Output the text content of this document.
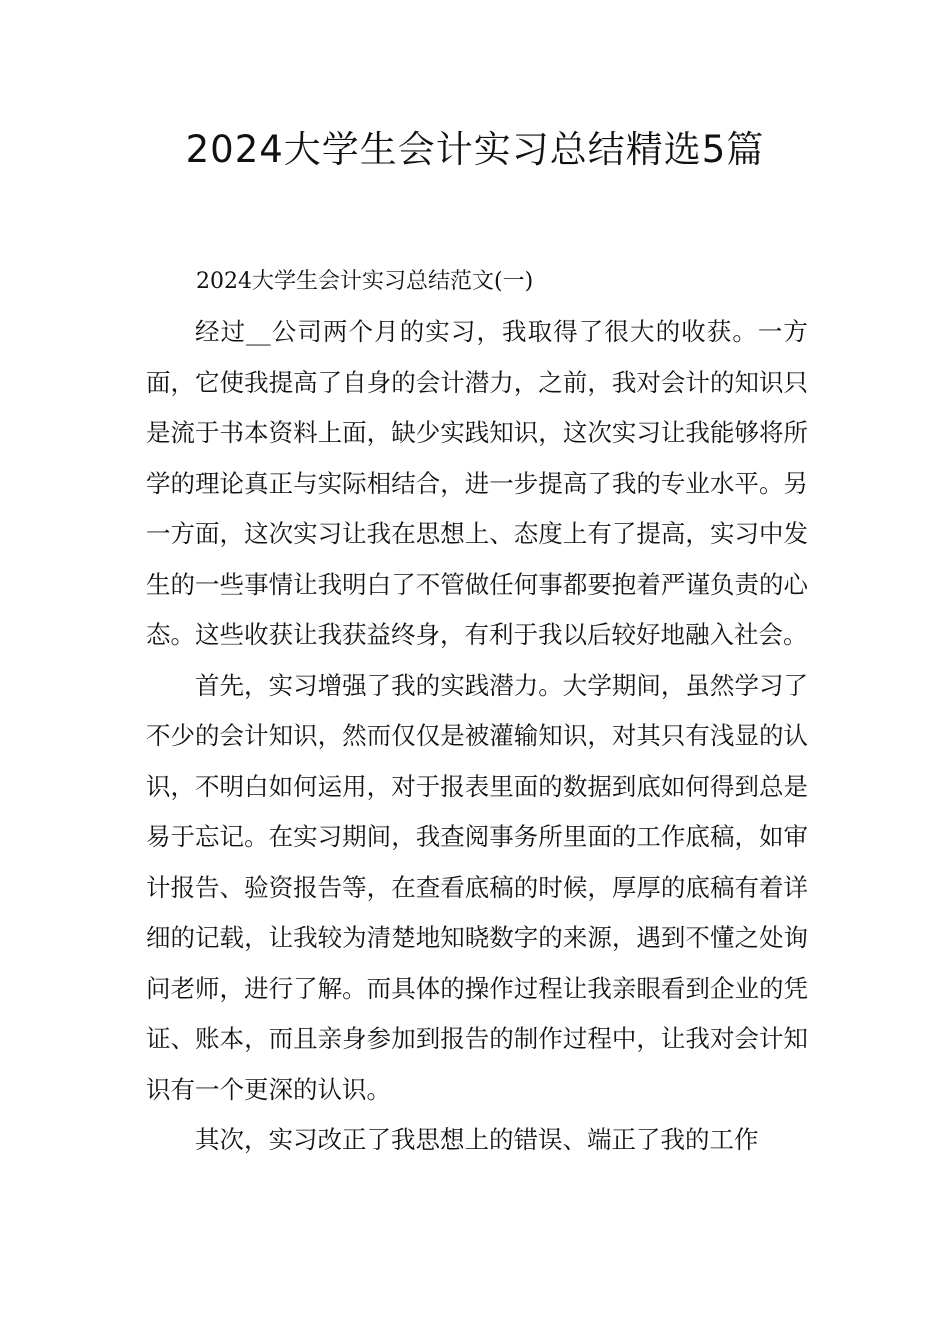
2024大学生会计实习总结精选5篇

2024大学生会计实习总结范文(一)

经过__公司两个月的实习，我取得了很大的收获。一方面，它使我提高了自身的会计潜力，之前，我对会计的知识只是流于书本资料上面，缺少实践知识，这次实习让我能够将所学的理论真正与实际相结合，进一步提高了我的专业水平。另一方面，这次实习让我在思想上、态度上有了提高，实习中发生的一些事情让我明白了不管做任何事都要抱着严谨负责的心态。这些收获让我获益终身，有利于我以后较好地融入社会。

首先，实习增强了我的实践潜力。大学期间，虽然学习了不少的会计知识，然而仅仅是被灌输知识，对其只有浅显的认识，不明白如何运用，对于报表里面的数据到底如何得到总是易于忘记。在实习期间，我查阅事务所里面的工作底稿，如审计报告、验资报告等，在查看底稿的时候，厚厚的底稿有着详细的记载，让我较为清楚地知晓数字的来源，遇到不懂之处询问老师，进行了解。而具体的操作过程让我亲眼看到企业的凭证、账本，而且亲身参加到报告的制作过程中，让我对会计知识有一个更深的认识。

其次，实习改正了我思想上的错误、端正了我的工作
